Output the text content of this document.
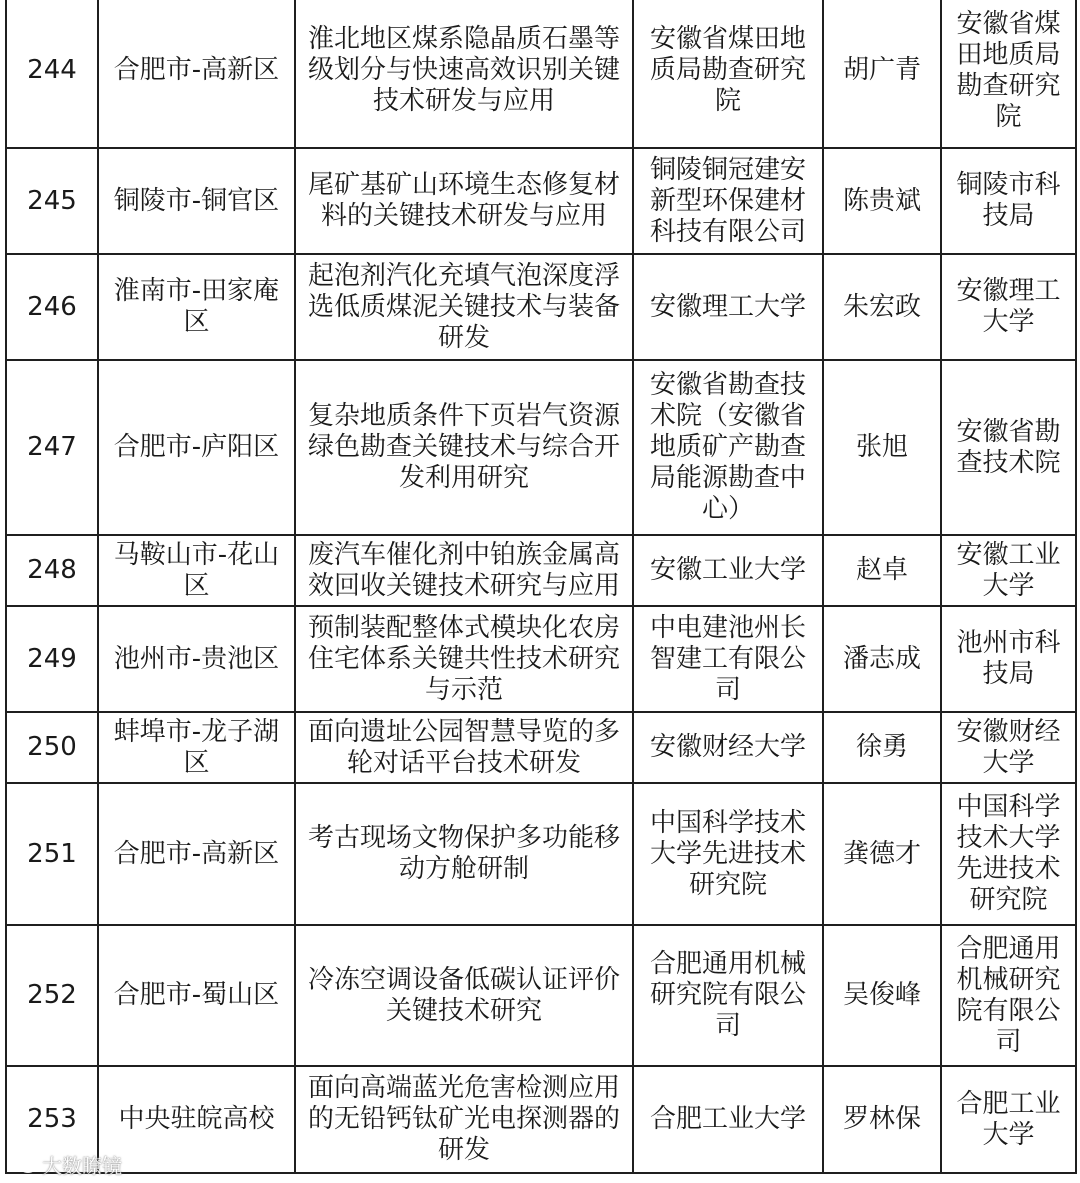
244	合肥市-高新区	淮北地区煤系隐晶质石墨等级划分与快速高效识别关键技术研发与应用	安徽省煤田地质局勘查研究院	胡广青	安徽省煤田地质局勘查研究院
245	铜陵市-铜官区	尾矿基矿山环境生态修复材料的关键技术研发与应用	铜陵铜冠建安新型环保建材科技有限公司	陈贵斌	铜陵市科技局
246	淮南市-田家庵区	起泡剂汽化充填气泡深度浮选低质煤泥关键技术与装备研发	安徽理工大学	朱宏政	安徽理工大学
247	合肥市-庐阳区	复杂地质条件下页岩气资源绿色勘查关键技术与综合开发利用研究	安徽省勘查技术院（安徽省地质矿产勘查局能源勘查中心）	张旭	安徽省勘查技术院
248	马鞍山市-花山区	废汽车催化剂中铂族金属高效回收关键技术研究与应用	安徽工业大学	赵卓	安徽工业大学
249	池州市-贵池区	预制装配整体式模块化农房住宅体系关键共性技术研究与示范	中电建池州长智建工有限公司	潘志成	池州市科技局
250	蚌埠市-龙子湖区	面向遗址公园智慧导览的多轮对话平台技术研发	安徽财经大学	徐勇	安徽财经大学
251	合肥市-高新区	考古现场文物保护多功能移动方舱研制	中国科学技术大学先进技术研究院	龚德才	中国科学技术大学先进技术研究院
252	合肥市-蜀山区	冷冻空调设备低碳认证评价关键技术研究	合肥通用机械研究院有限公司	吴俊峰	合肥通用机械研究院有限公司
253	中央驻皖高校	面向高端蓝光危害检测应用的无铅钙钛矿光电探测器的研发	合肥工业大学	罗林保	合肥工业大学
大数瞭镜
